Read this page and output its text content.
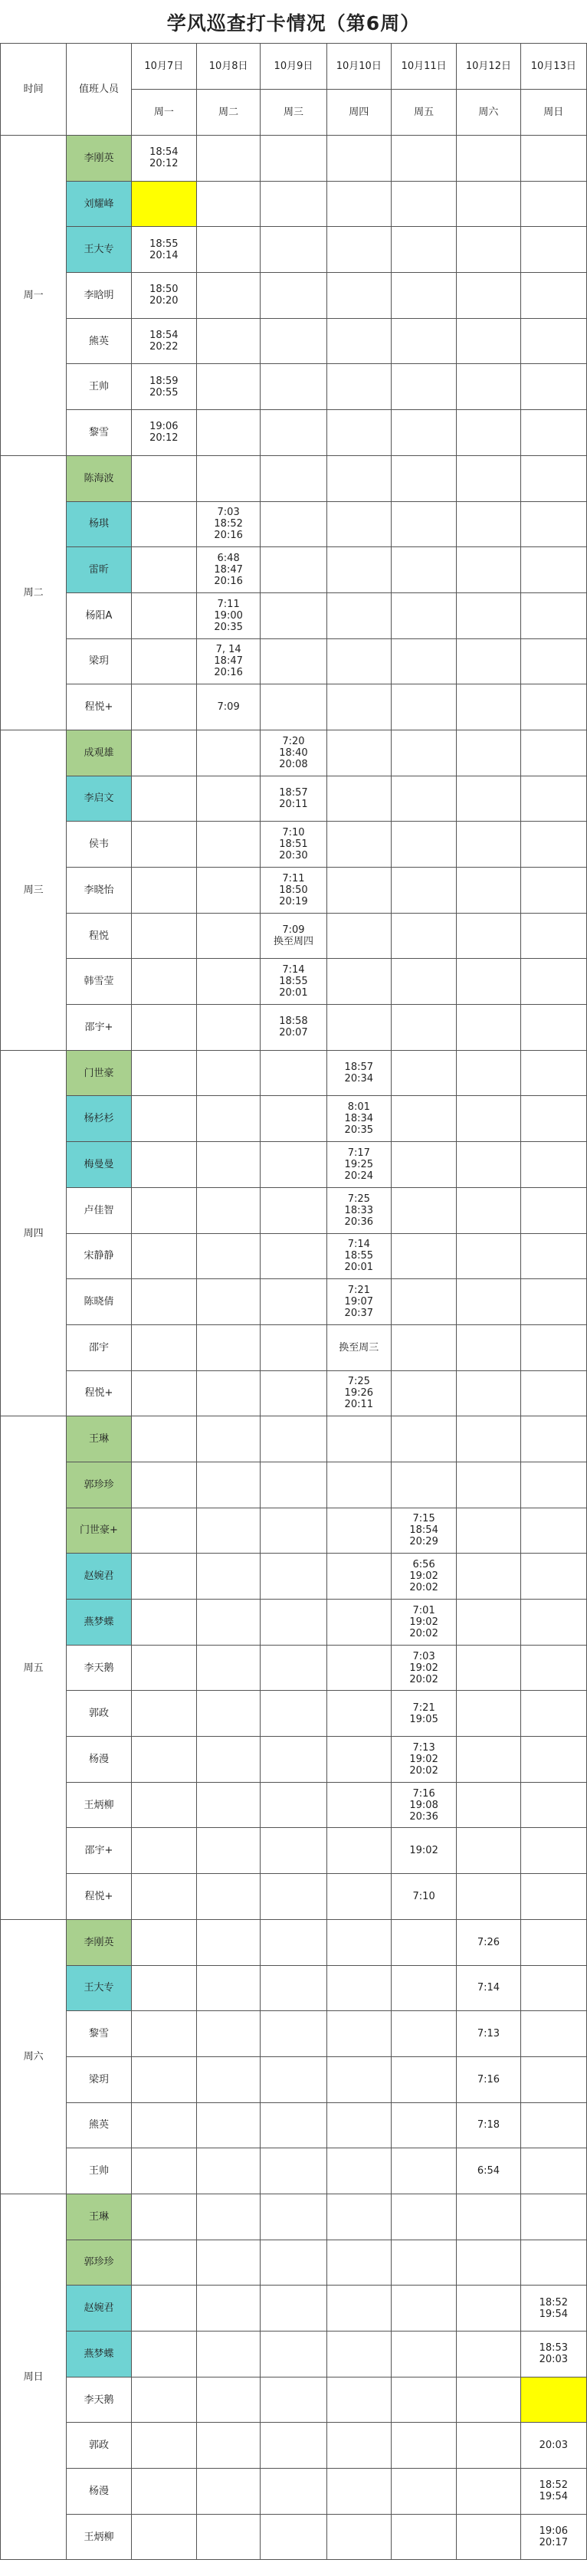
学风巡查打卡情况（第6周）
时间	值班人员	10月7日	10月8日	10月9日	10月10日	10月11日	10月12日	10月13日
		周一	周二	周三	周四	周五	周六	周日
周一	李刚英	18:54
20:12						
	刘耀峰							
	王大专	18:55
20:14						
	李晗明	18:50
20:20						
	熊英	18:54
20:22						
	王帅	18:59
20:55						
	黎雪	19:06
20:12						
周二	陈海波							
	杨琪		7:03
18:52
20:16					
	雷昕		6:48
18:47
20:16					
	杨阳A		7:11
19:00
20:35					
	梁玥		7, 14
18:47
20:16					
	程悦+		7:09					
周三	成观雄			7:20
18:40
20:08				
	李启文			18:57
20:11				
	侯韦			7:10
18:51
20:30				
	李晓怡			7:11
18:50
20:19				
	程悦			7:09
换至周四				
	韩雪莹			7:14
18:55
20:01				
	邵宇+			18:58
20:07				
周四	门世豪				18:57
20:34			
	杨杉杉				8:01
18:34
20:35			
	梅曼曼				7:17
19:25
20:24			
	卢佳智				7:25
18:33
20:36			
	宋静静				7:14
18:55
20:01			
	陈晓倩				7:21
19:07
20:37			
	邵宇				换至周三			
	程悦+				7:25
19:26
20:11			
周五	王琳							
	郭珍珍							
	门世豪+					7:15
18:54
20:29		
	赵婉君					6:56
19:02
20:02		
	燕梦蝶					7:01
19:02
20:02		
	李天鹅					7:03
19:02
20:02		
	郭政					7:21
19:05		
	杨漫					7:13
19:02
20:02		
	王炳柳					7:16
19:08
20:36		
	邵宇+					19:02		
	程悦+					7:10		
周六	李刚英						7:26	
	王大专						7:14	
	黎雪						7:13	
	梁玥						7:16	
	熊英						7:18	
	王帅						6:54	
周日	王琳							
	郭珍珍							
	赵婉君							18:52
19:54
	燕梦蝶							18:53
20:03
	李天鹅							
	郭政							20:03
	杨漫							18:52
19:54
	王炳柳							19:06
20:17
